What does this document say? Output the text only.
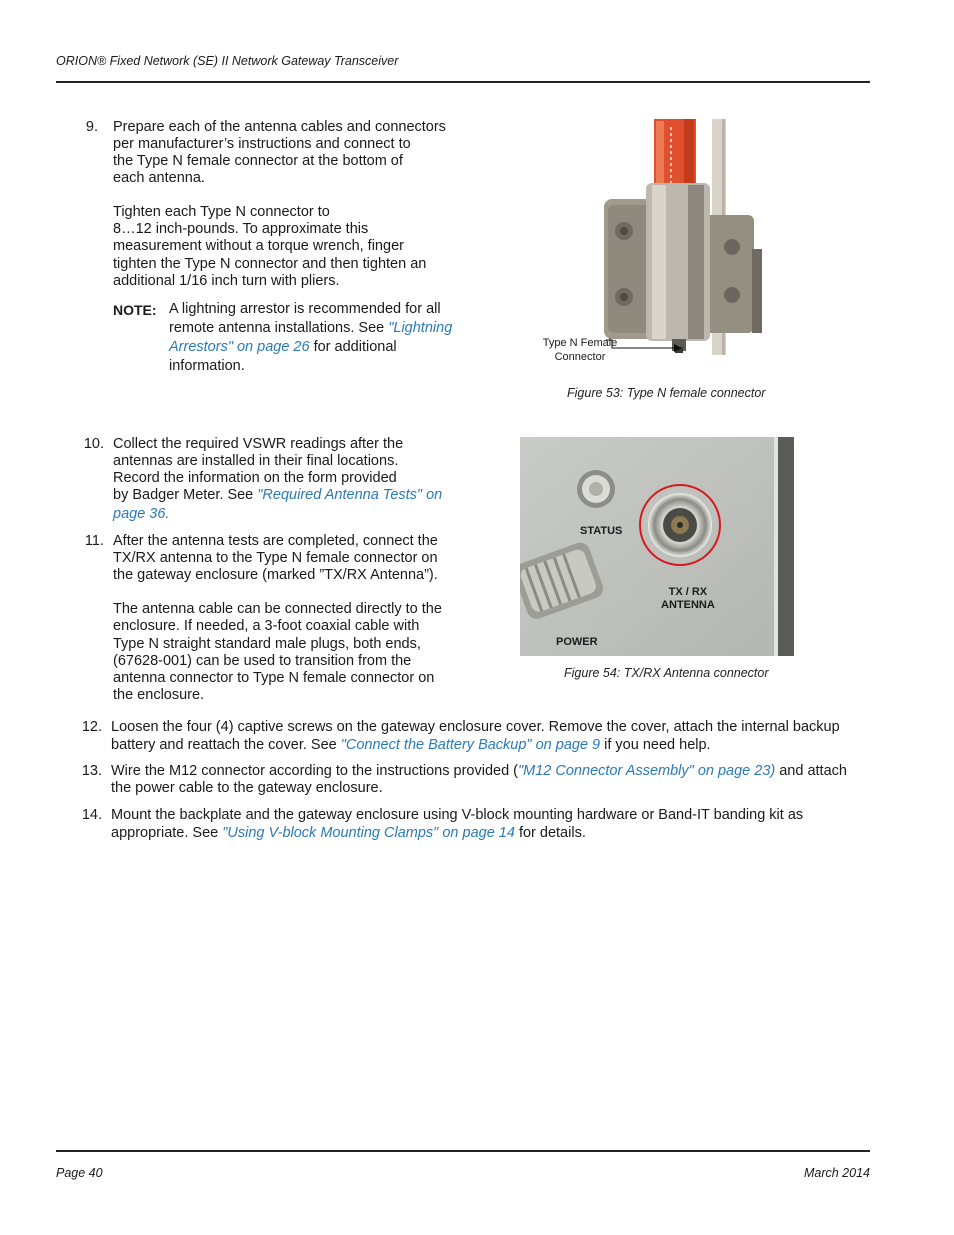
ORION® Fixed Network (SE) II Network Gateway Transceiver
9. Prepare each of the antenna cables and connectors
per manufacturer’s instructions and connect to
the Type N female connector at the bottom of
each antenna.
Tighten each Type N connector to
8…12 inch-pounds. To approximate this
measurement without a torque wrench, finger
tighten the Type N connector and then tighten an
additional 1/16 inch turn with pliers.
NOTE: A lightning arrestor is recommended for all
remote antenna installations. See "Lightning
Arrestors" on page 26 for additional
information.
Type N Female
Connector
Figure 53: Type N female connector
10. Collect the required VSWR readings after the
antennas are installed in their final locations.
Record the information on the form provided
by Badger Meter. See "Required Antenna Tests" on
page 36.
STATUS
TX / RX
ANTENNA
POWER
Figure 54: TX/RX Antenna connector
11. After the antenna tests are completed, connect the
TX/RX antenna to the Type N female connector on
the gateway enclosure (marked ”TX/RX Antenna”).
The antenna cable can be connected directly to the
enclosure. If needed, a 3-foot coaxial cable with
Type N straight standard male plugs, both ends,
(67628-001) can be used to transition from the
antenna connector to Type N female connector on
the enclosure.
12. Loosen the four (4) captive screws on the gateway enclosure cover. Remove the cover, attach the internal backup
battery and reattach the cover. See "Connect the Battery Backup" on page 9 if you need help.
13. Wire the M12 connector according to the instructions provided ("M12 Connector Assembly" on page 23) and attach
the power cable to the gateway enclosure.
14. Mount the backplate and the gateway enclosure using V-block mounting hardware or Band-IT banding kit as
appropriate. See "Using V-block Mounting Clamps" on page 14 for details.
Page 40	March 2014
